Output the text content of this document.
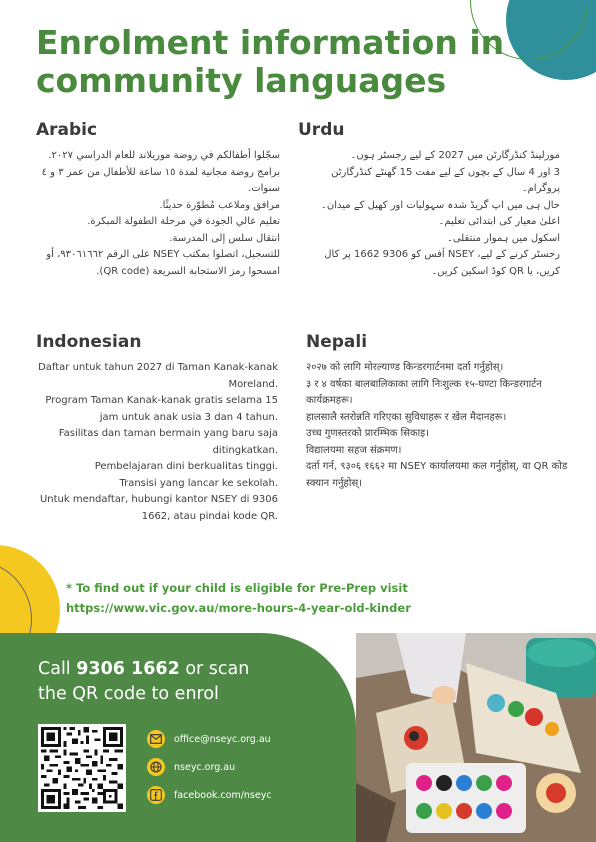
Enrolment information in community languages
Arabic

سجّلوا أطفالكم في روضة موريلاند للعام الدراسي ٢٠٢٧.

برامج روضة مجانية لمدة ١٥ ساعة للأطفال من عمر ٣ و ٤ سنوات.

مرافق وملاعب مُطوّرة حديثًا.

تعليم عالي الجودة في مرحلة الطفولة المبكرة.

انتقال سلس إلى المدرسة.

للتسجيل، اتصلوا بمكتب NSEY على الرقم ٩٣٠٦١٦٦٢، أو امسحوا رمز الاستجابة السريعة (QR code).

Urdu

مورلینڈ کنڈرگارٹن میں 2027 کے لیے رجسٹر ہوں۔

3 اور 4 سال کے بچوں کے لیے مفت 15 گھنٹے کنڈرگارٹن پروگرام۔

حال ہی میں اپ گریڈ شدہ سہولیات اور کھیل کے میدان۔

اعلیٰ معیار کی ابتدائی تعلیم۔

اسکول میں ہموار منتقلی۔

رجسٹر کرنے کے لیے، NSEY آفس کو 9306 1662 پر کال کریں، یا QR کوڈ اسکین کریں۔

Indonesian

Daftar untuk tahun 2027 di Taman Kanak-kanak Moreland.

Program Taman Kanak-kanak gratis selama 15 jam untuk anak usia 3 dan 4 tahun.

Fasilitas dan taman bermain yang baru saja ditingkatkan.

Pembelajaran dini berkualitas tinggi.

Transisi yang lancar ke sekolah.

Untuk mendaftar, hubungi kantor NSEY di 9306 1662, atau pindai kode QR.

Nepali

२०२७ को लागि मोरल्याण्ड किन्डरगार्टनमा दर्ता गर्नुहोस्।

३ र ४ वर्षका बालबालिकाका लागि निःशुल्क १५-घण्टा किन्डरगार्टन कार्यक्रमहरू।

हालसालै स्तरोन्नति गरिएका सुविधाहरू र खेल मैदानहरू।

उच्च गुणस्तरको प्रारम्भिक सिकाइ।

विद्यालयमा सहज संक्रमण।

दर्ता गर्न, ९३०६ १६६२ मा NSEY कार्यालयमा कल गर्नुहोस्, वा QR कोड स्क्यान गर्नुहोस्।

* To find out if your child is eligible for Pre-Prep visit
https://www.vic.gov.au/more-hours-4-year-old-kinder
Call 9306 1662 or scan
the QR code to enrol
office@nseyc.org.au
nseyc.org.au
facebook.com/nseyc
